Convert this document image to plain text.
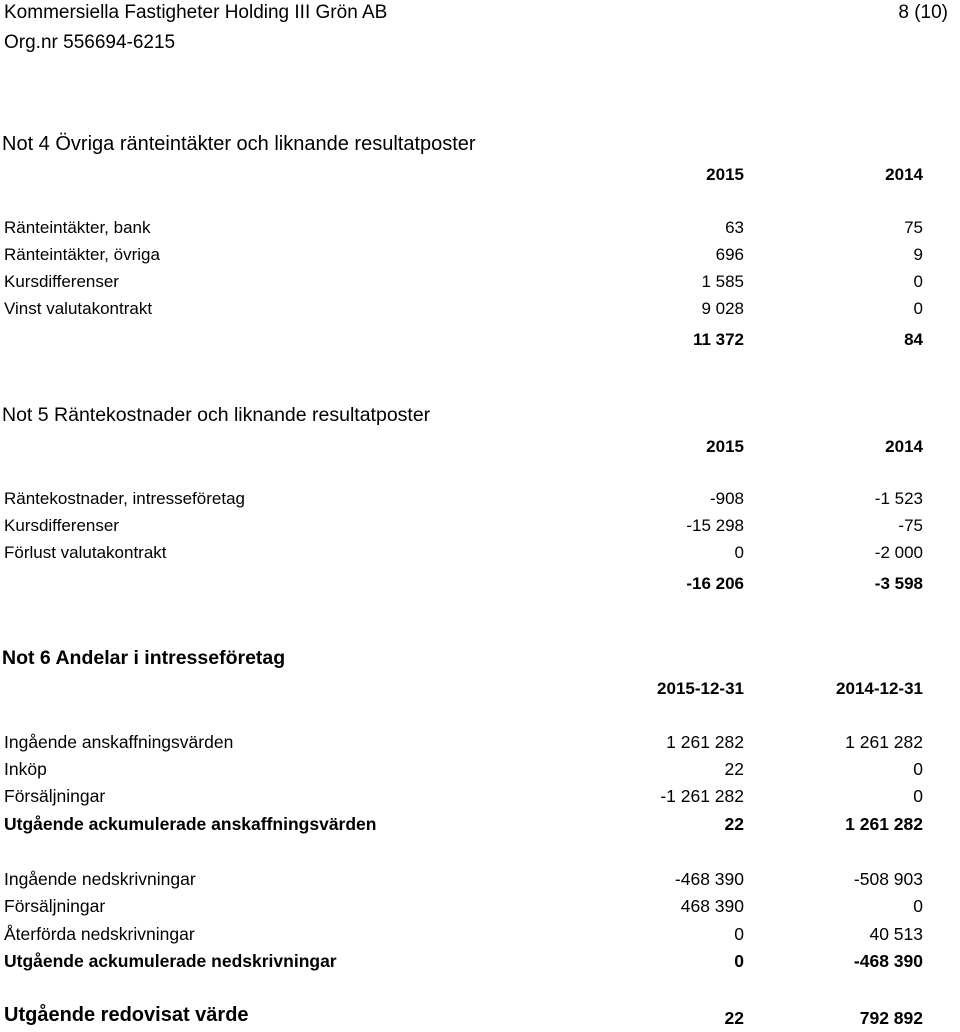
Kommersiella Fastigheter Holding III Grön AB	8 (10)
Org.nr 556694-6215
Not 4 Övriga ränteintäkter och liknande resultatposter
2015	2014
Ränteintäkter, bank	63	75
Ränteintäkter, övriga	696	9
Kursdifferenser	1 585	0
Vinst valutakontrakt	9 028	0
11 372	84
Not 5 Räntekostnader och liknande resultatposter
2015	2014
Räntekostnader, intresseföretag	-908	-1 523
Kursdifferenser	-15 298	-75
Förlust valutakontrakt	0	-2 000
-16 206	-3 598
Not 6 Andelar i intresseföretag
2015-12-31	2014-12-31
Ingående anskaffningsvärden	1 261 282	1 261 282
Inköp	22	0
Försäljningar	-1 261 282	0
Utgående ackumulerade anskaffningsvärden	22	1 261 282
Ingående nedskrivningar	-468 390	-508 903
Försäljningar	468 390	0
Återförda nedskrivningar	0	40 513
Utgående ackumulerade nedskrivningar	0	-468 390
Utgående redovisat värde	22	792 892
